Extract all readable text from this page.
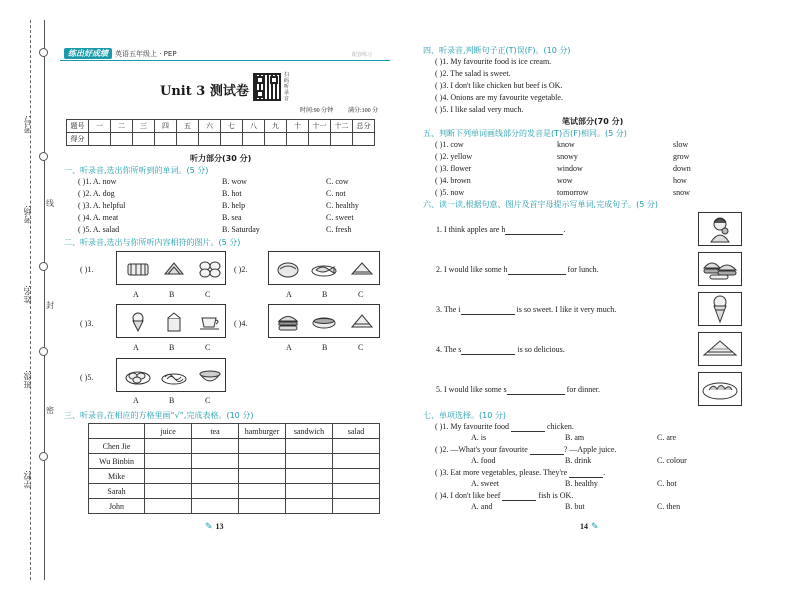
考号:
考场:
线
姓名:
封
班级:
密
学校:
练出好成绩	英语五年级上 · PEP	配套练习
Unit 3 测试卷
扫码听录音
时间:90 分钟 满分:100 分
题号	一	二	三	四	五	六	七	八	九	十	十一	十二	总分
得分													
听力部分(30 分)
一、听录音,选出你所听到的单词。(5 分)
( )1. A. now	B. wow	C. cow
( )2. A. dog	B. hot	C. not
( )3. A. helpful	B. help	C. healthy
( )4. A. meat	B. sea	C. sweet
( )5. A. salad	B. Saturday	C. fresh
二、听录音,选出与你所听内容相符的图片。(5 分)
( )1.
A	B	C
( )2.
A	B	C
( )3.
A	B	C
( )4.
A	B	C
( )5.
A	B	C
三、听录音,在相应的方格里画“√”,完成表格。(10 分)
	juice	tea	hamburger	sandwich	salad
Chen Jie					
Wu Binbin					
Mike					
Sarah					
John					
✎ 13	14 ✎
四、听录音,判断句子正(T)误(F)。(10 分)
( )1. My favourite food is ice cream.
( )2. The salad is sweet.
( )3. I don't like chicken but beef is OK.
( )4. Onions are my favourite vegetable.
( )5. I like salad very much.
笔试部分(70 分)
五、判断下列单词画线部分的发音是(T)否(F)相同。(5 分)
( )1. cow	know	slow
( )2. yellow	snowy	grow
( )3. flower	window	down
( )4. brown	wow	how
( )5. now	tomorrow	snow
六、读一读,根据句意、图片及首字母提示写单词,完成句子。(5 分)
1. I think apples are h	.
2. I would like some h	for lunch.
3. The i	is so sweet. I like it very much.
4. The s	is so delicious.
5. I would like some s	for dinner.
七、单项选择。(10 分)
( )1. My favourite food	chicken.
A. is	B. am	C. are
( )2. —What's your favourite	? —Apple juice.
A. food	B. drink	C. colour
( )3. Eat more vegetables, please. They're	.
A. sweet	B. healthy	C. hot
( )4. I don't like beef	fish is OK.
A. and	B. but	C. then
